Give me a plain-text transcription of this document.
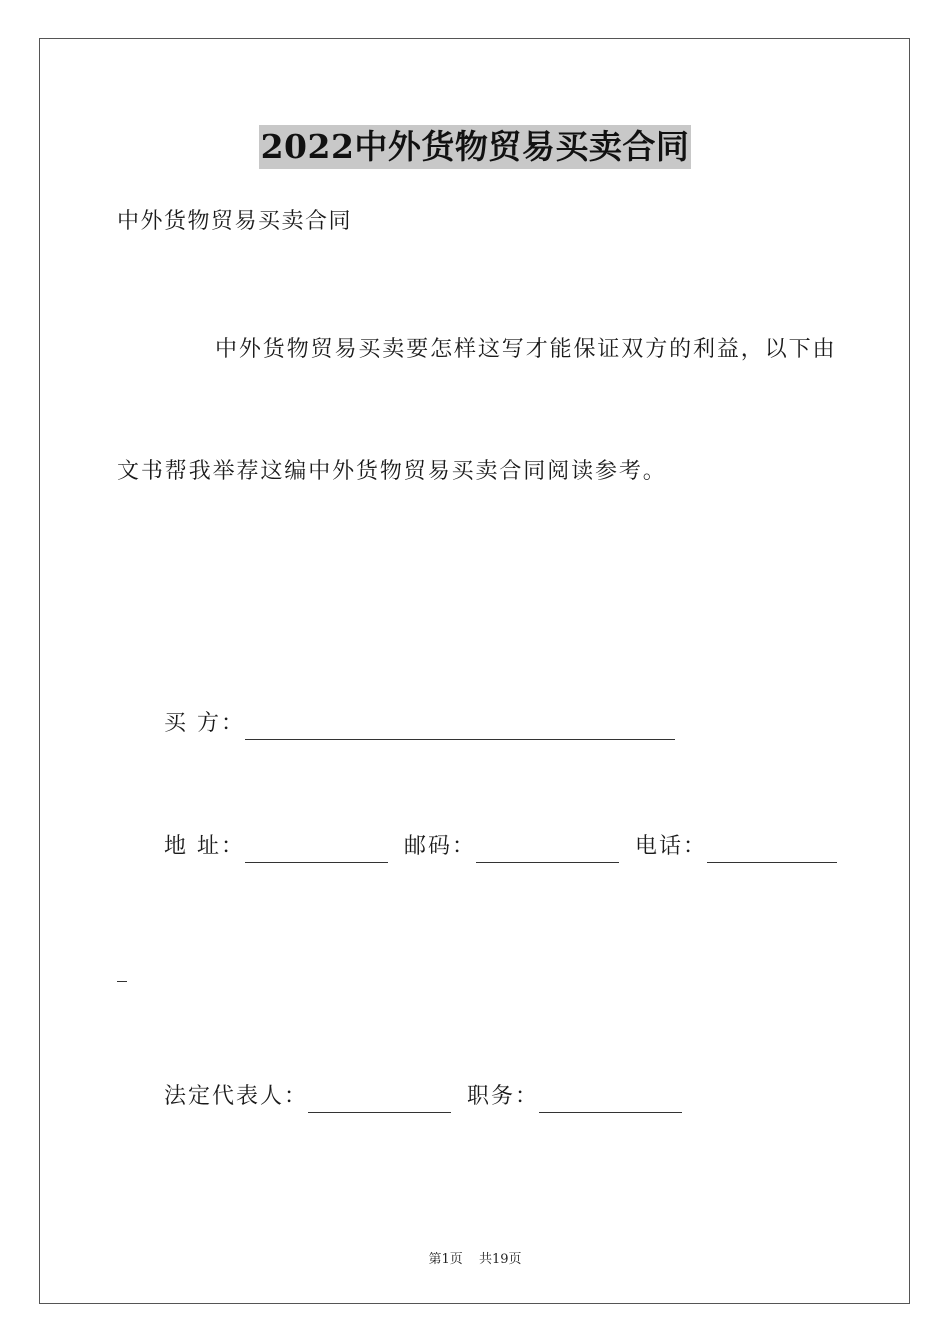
2022中外货物贸易买卖合同
中外货物贸易买卖合同
中外货物贸易买卖要怎样这写才能保证双方的利益，以下由
文书帮我举荐这编中外货物贸易买卖合同阅读参考。
买 方：
地 址：	邮码：	电话：
法定代表人：	职务：
第1页 共19页
